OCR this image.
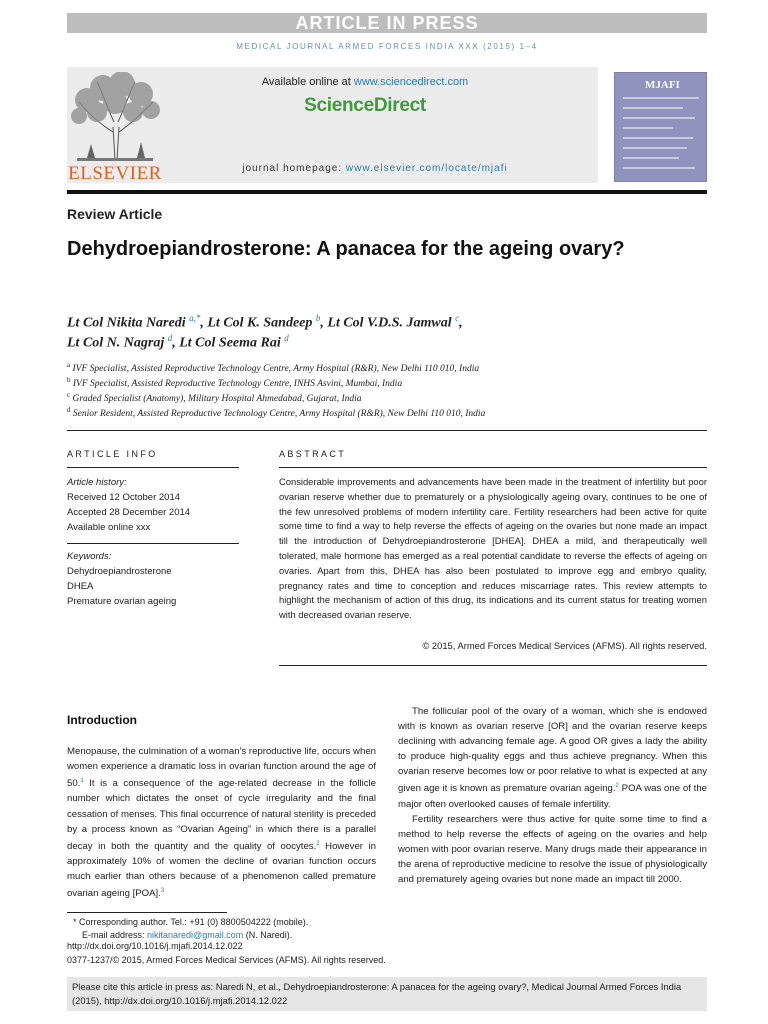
ARTICLE IN PRESS
MEDICAL JOURNAL ARMED FORCES INDIA XXX (2015) 1–4
ELSEVIER
Available online at www.sciencedirect.com
ScienceDirect
journal homepage: www.elsevier.com/locate/mjafi
MJAFI
Review Article
Dehydroepiandrosterone: A panacea for the ageing ovary?
Lt Col Nikita Naredi $^{a,*}$, Lt Col K. Sandeep $^b$, Lt Col V.D.S. Jamwal $^c$,
Lt Col N. Nagraj $^d$, Lt Col Seema Rai $^d$
$^a$ IVF Specialist, Assisted Reproductive Technology Centre, Army Hospital (R&R), New Delhi 110 010, India
$^b$ IVF Specialist, Assisted Reproductive Technology Centre, INHS Asvini, Mumbai, India
$^c$ Graded Specialist (Anatomy), Military Hospital Ahmedabad, Gujarat, India
$^d$ Senior Resident, Assisted Reproductive Technology Centre, Army Hospital (R&R), New Delhi 110 010, India
ARTICLE INFO	ABSTRACT
Article history:
Received 12 October 2014
Accepted 28 December 2014
Available online xxx
Keywords:
Dehydroepiandrosterone
DHEA
Premature ovarian ageing
Considerable improvements and advancements have been made in the treatment of infertility but poor ovarian reserve whether due to prematurely or a physiologically ageing ovary, continues to be one of the few unresolved problems of modern infertility care. Fertility researchers had been active for quite some time to find a way to help reverse the effects of ageing on the ovaries but none made an impact till the introduction of Dehydroepiandrosterone [DHEA]. DHEA a mild, and therapeutically well tolerated, male hormone has emerged as a real potential candidate to reverse the effects of ageing on ovaries. Apart from this, DHEA has also been postulated to improve egg and embryo quality, pregnancy rates and time to conception and reduces miscarriage rates. This review attempts to highlight the mechanism of action of this drug, its indications and its current status for treating women with decreased ovarian reserve.
© 2015, Armed Forces Medical Services (AFMS). All rights reserved.
Introduction

Menopause, the culmination of a woman's reproductive life, occurs when women experience a dramatic loss in ovarian function around the age of 50.$^1$ It is a consequence of the age-related decrease in the follicle number which dictates the onset of cycle irregularity and the final cessation of menses. This final occurrence of natural sterility is preceded by a process known as “Ovarian Ageing” in which there is a parallel decay in both the quantity and the quality of oocytes.$^2$ However in approximately 10% of women the decline of ovarian function occurs much earlier than others because of a phenomenon called premature ovarian ageing [POA].$^3$

The follicular pool of the ovary of a woman, which she is endowed with is known as ovarian reserve [OR] and the ovarian reserve keeps declining with advancing female age. A good OR gives a lady the ability to produce high-quality eggs and thus achieve pregnancy. When this ovarian reserve becomes low or poor relative to what is expected at any given age it is known as premature ovarian ageing.$^2$ POA was one of the major often overlooked causes of female infertility.

Fertility researchers were thus active for quite some time to find a method to help reverse the effects of ageing on the ovaries and help women with poor ovarian reserve. Many drugs made their appearance in the arena of reproductive medicine to resolve the issue of physiologically and prematurely ageing ovaries but none made an impact till 2000.

* Corresponding author. Tel.: +91 (0) 8800504222 (mobile).
E-mail address: nikitanaredi@gmail.com (N. Naredi).
http://dx.doi.org/10.1016/j.mjafi.2014.12.022
0377-1237/© 2015, Armed Forces Medical Services (AFMS). All rights reserved.
Please cite this article in press as: Naredi N, et al., Dehydroepiandrosterone: A panacea for the ageing ovary?, Medical Journal Armed Forces India (2015), http://dx.doi.org/10.1016/j.mjafi.2014.12.022
